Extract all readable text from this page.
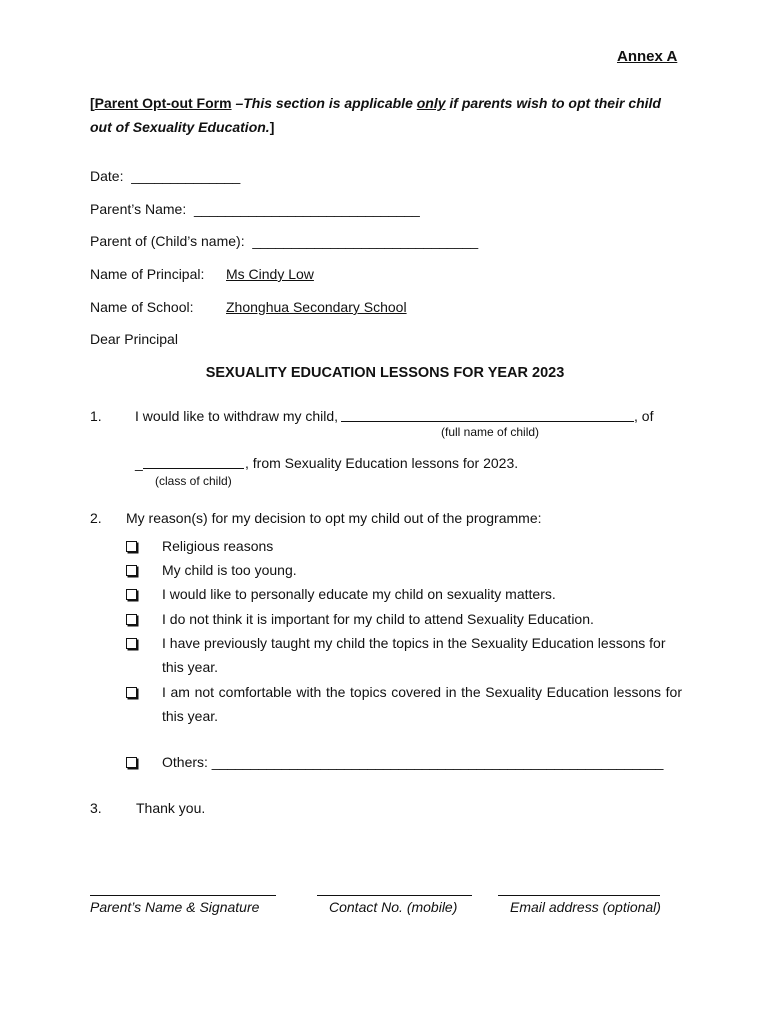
Annex A
[Parent Opt-out Form –This section is applicable only if parents wish to opt their child
out of Sexuality Education.]
Date: ______________
Parent’s Name: _____________________________
Parent of (Child’s name): _____________________________
Name of Principal: Ms Cindy Low
Name of School: Zhonghua Secondary School
Dear Principal
SEXUALITY EDUCATION LESSONS FOR YEAR 2023
1. I would like to withdraw my child,	, of
(full name of child)
_	, from Sexuality Education lessons for 2023.
(class of child)
2. My reason(s) for my decision to opt my child out of the programme:
Religious reasons
My child is too young.
I would like to personally educate my child on sexuality matters.
I do not think it is important for my child to attend Sexuality Education.
I have previously taught my child the topics in the Sexuality Education lessons for this year.
I am not comfortable with the topics covered in the Sexuality Education lessons for this year.
Others: __________________________________________________________
3. Thank you.
Parent’s Name & Signature	Contact No. (mobile)	Email address (optional)
